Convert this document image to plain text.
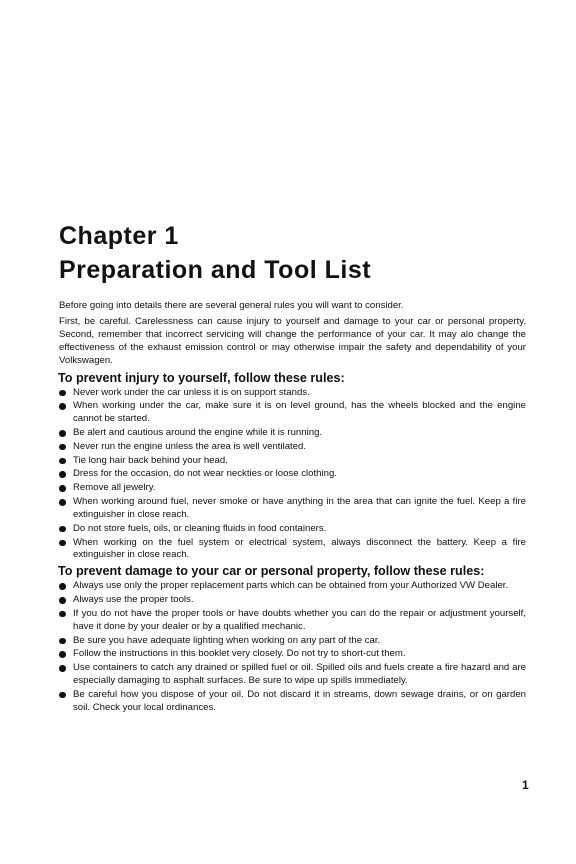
Chapter 1
Preparation and Tool List

Before going into details there are several general rules you will want to consider.

First, be careful. Carelessness can cause injury to yourself and damage to your car or personal property. Second, remember that incorrect servicing will change the performance of your car. It may alo change the effectiveness of the exhaust emission control or may otherwise impair the safety and dependability of your Volkswagen.

To prevent injury to yourself, follow these rules:
Never work under the car unless it is on support stands.
When working under the car, make sure it is on level ground, has the wheels blocked and the engine cannot be started.
Be alert and cautious around the engine while it is running.
Never run the engine unless the area is well ventilated.
Tie long hair back behind your head.
Dress for the occasion, do not wear neckties or loose clothing.
Remove all jewelry.
When working around fuel, never smoke or have anything in the area that can ignite the fuel. Keep a fire extinguisher in close reach.
Do not store fuels, oils, or cleaning fluids in food containers.
When working on the fuel system or electrical system, always disconnect the battery. Keep a fire extinguisher in close reach.
To prevent damage to your car or personal property, follow these rules:
Always use only the proper replacement parts which can be obtained from your Authorized VW Dealer.
Always use the proper tools.
If you do not have the proper tools or have doubts whether you can do the repair or adjustment yourself, have it done by your dealer or by a qualified mechanic.
Be sure you have adequate lighting when working on any part of the car.
Follow the instructions in this booklet very closely. Do not try to short-cut them.
Use containers to catch any drained or spilled fuel or oil. Spilled oils and fuels create a fire hazard and are especially damaging to asphalt surfaces. Be sure to wipe up spills immediately.
Be careful how you dispose of your oil. Do not discard it in streams, down sewage drains, or on garden soil. Check your local ordinances.
1
